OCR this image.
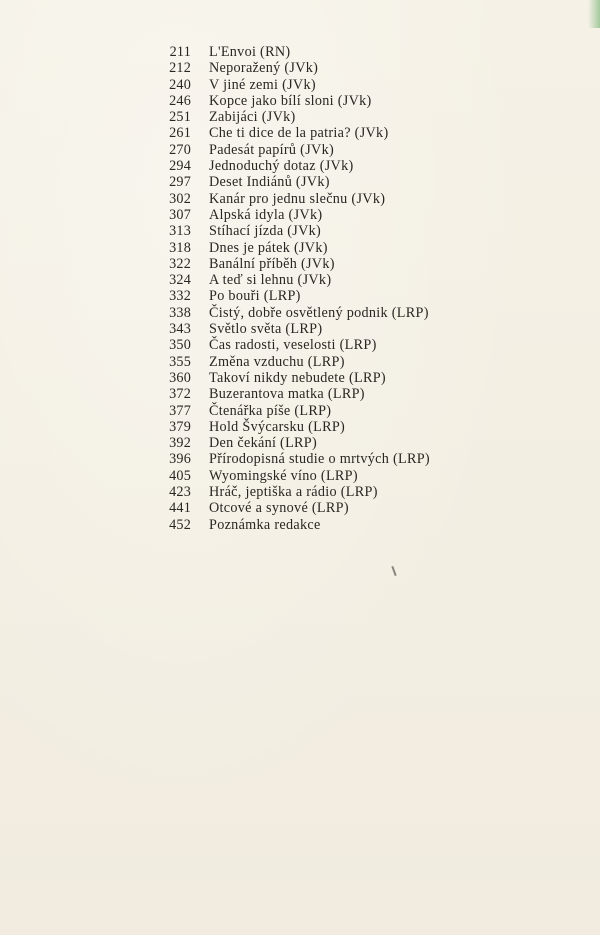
211 L'Envoi (RN)
212 Neporažený (JVk)
240 V jiné zemi (JVk)
246 Kopce jako bílí sloni (JVk)
251 Zabijáci (JVk)
261 Che ti dice de la patria? (JVk)
270 Padesát papírů (JVk)
294 Jednoduchý dotaz (JVk)
297 Deset Indiánů (JVk)
302 Kanár pro jednu slečnu (JVk)
307 Alpská idyla (JVk)
313 Stíhací jízda (JVk)
318 Dnes je pátek (JVk)
322 Banální příběh (JVk)
324 A teď si lehnu (JVk)
332 Po bouři (LRP)
338 Čistý, dobře osvětlený podnik (LRP)
343 Světlo světa (LRP)
350 Čas radosti, veselosti (LRP)
355 Změna vzduchu (LRP)
360 Takoví nikdy nebudete (LRP)
372 Buzerantova matka (LRP)
377 Čtenářka píše (LRP)
379 Hold Švýcarsku (LRP)
392 Den čekání (LRP)
396 Přírodopisná studie o mrtvých (LRP)
405 Wyomingské víno (LRP)
423 Hráč, jeptiška a rádio (LRP)
441 Otcové a synové (LRP)
452 Poznámka redakce
